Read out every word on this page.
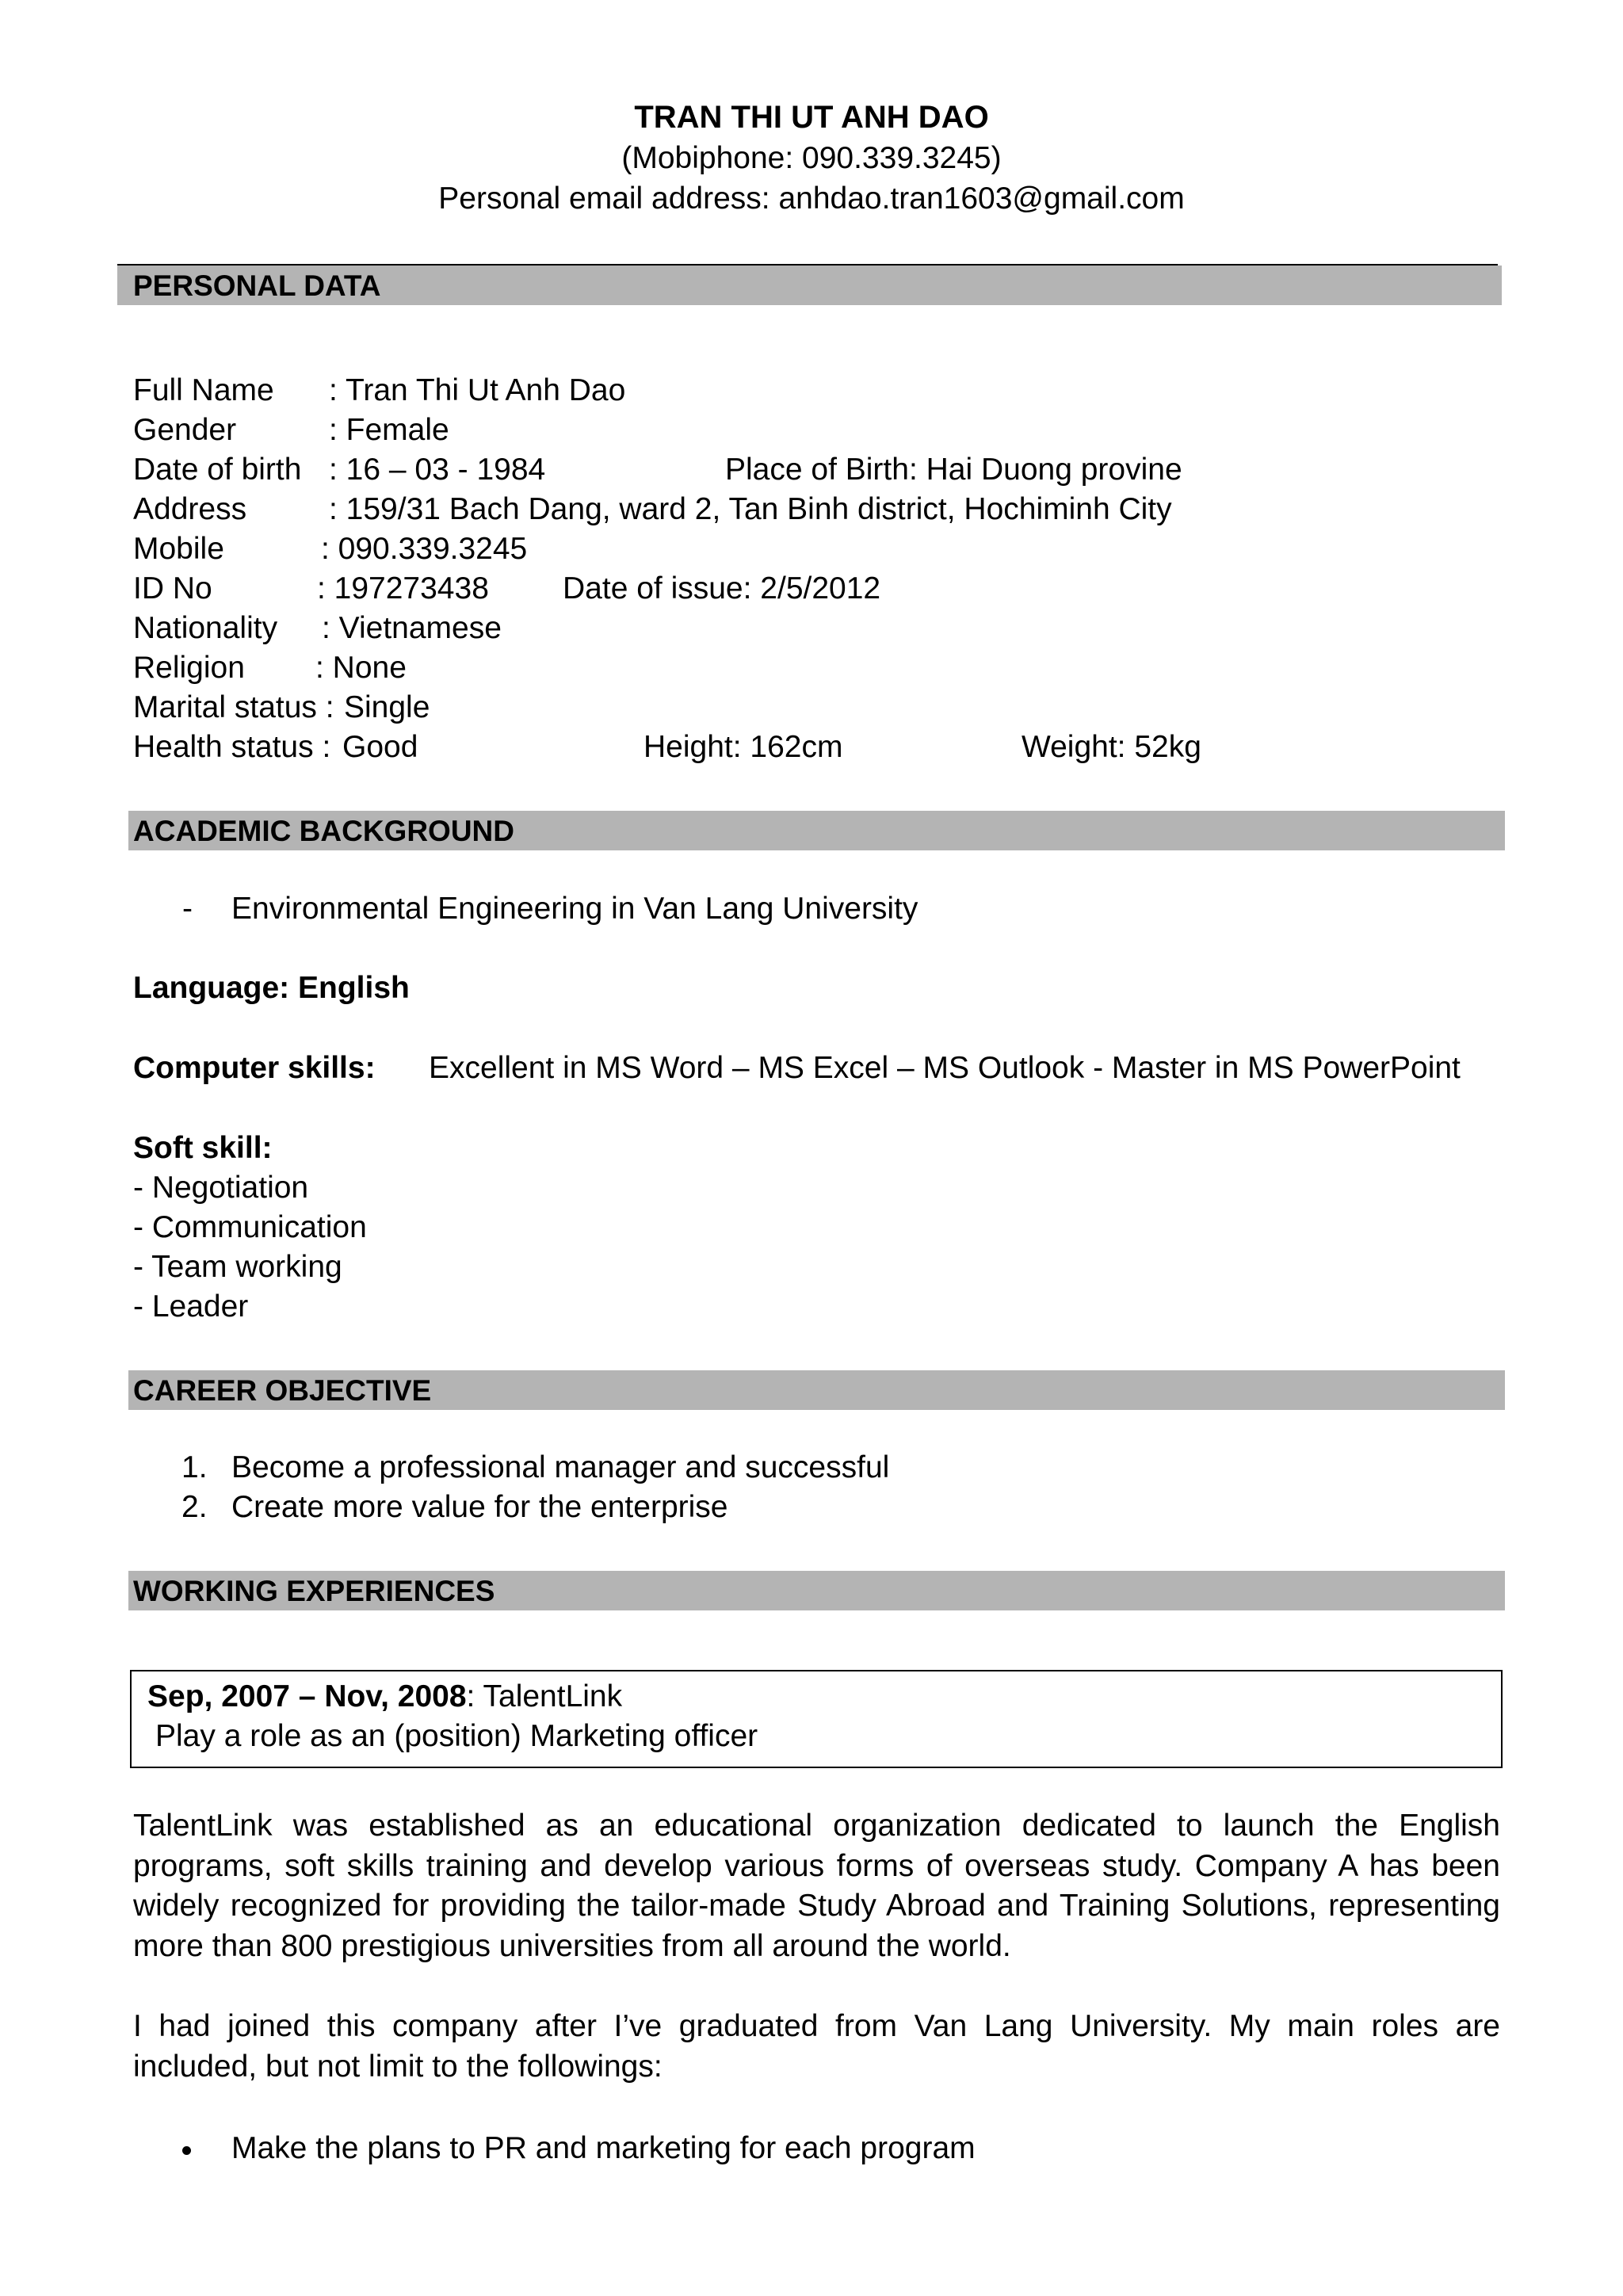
TRAN THI UT ANH DAO
(Mobiphone: 090.339.3245)
Personal email address: anhdao.tran1603@gmail.com
PERSONAL DATA
Full Name : Tran Thi Ut Anh Dao
Gender	: Female
Date of birth : 16 – 03 - 1984	Place of Birth: Hai Duong provine
Address	: 159/31 Bach Dang, ward 2, Tan Binh district, Hochiminh City
Mobile	: 090.339.3245
ID No	: 197273438 Date of issue: 2/5/2012
Nationality : Vietnamese
Religion : None
Marital status : Single
Health status : Good	Height: 162cm	Weight: 52kg
ACADEMIC BACKGROUND
- Environmental Engineering in Van Lang University
Language: English
Computer skills: Excellent in MS Word – MS Excel – MS Outlook - Master in MS PowerPoint
Soft skill:
- Negotiation
- Communication
- Team working
- Leader
CAREER OBJECTIVE
1. Become a professional manager and successful
2. Create more value for the enterprise
WORKING EXPERIENCES
Sep, 2007 – Nov, 2008: TalentLink
Play a role as an (position) Marketing officer
TalentLink was established as an educational organization dedicated to launch the English programs, soft skills training and develop various forms of overseas study. Company A has been widely recognized for providing the tailor-made Study Abroad and Training Solutions, representing more than 800 prestigious universities from all around the world.
I had joined this company after I’ve graduated from Van Lang University. My main roles are included, but not limit to the followings:
Make the plans to PR and marketing for each program
